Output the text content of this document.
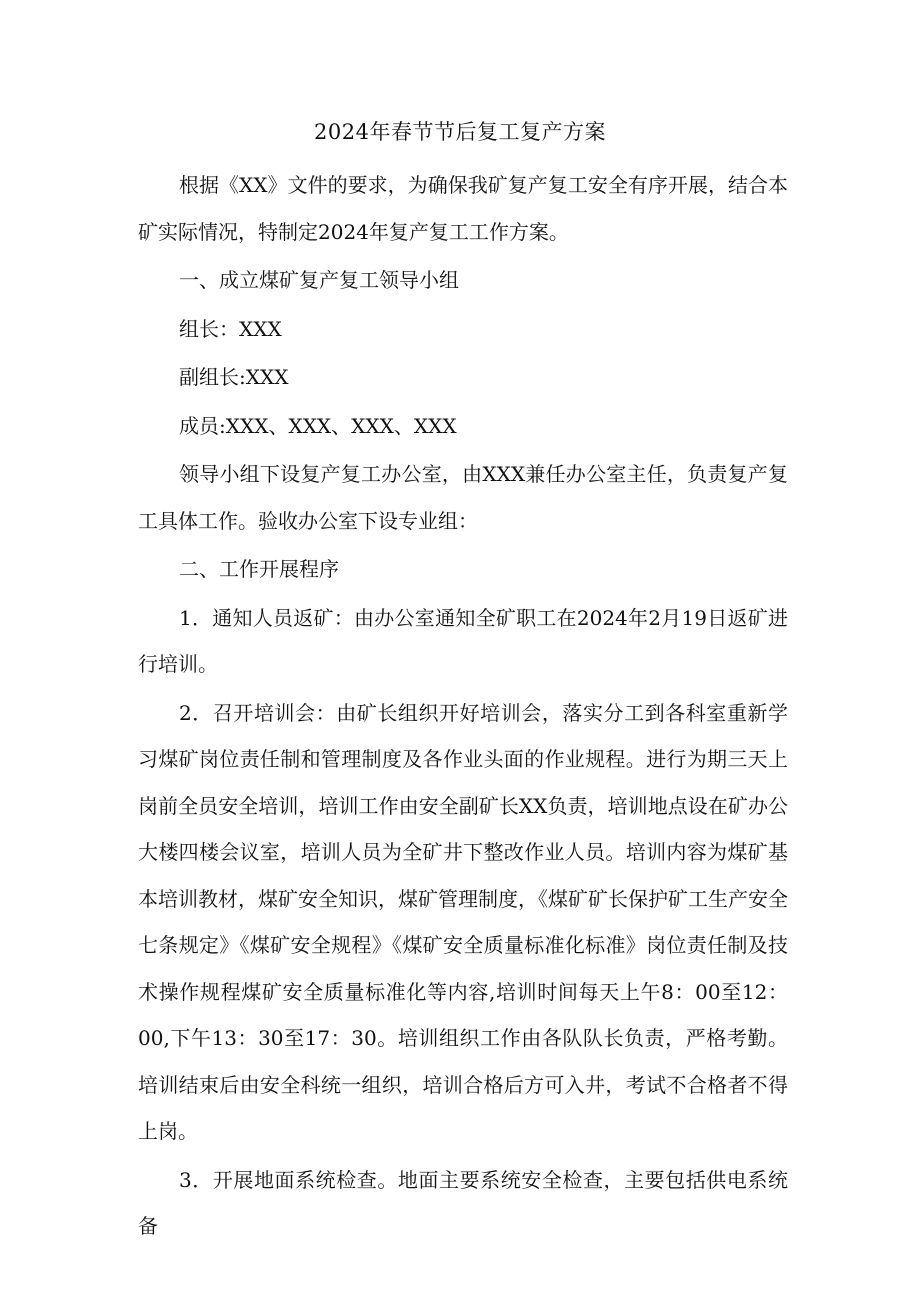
2024年春节节后复工复产方案

根据《XX》文件的要求，为确保我矿复产复工安全有序开展，结合本矿实际情况，特制定2024年复产复工工作方案。

一、成立煤矿复产复工领导小组

组长：XXX

副组长:XXX

成员:XXX、XXX、XXX、XXX

领导小组下设复产复工办公室，由XXX兼任办公室主任，负责复产复工具体工作。验收办公室下设专业组：

二、工作开展程序

1．通知人员返矿：由办公室通知全矿职工在2024年2月19日返矿进行培训。

2．召开培训会：由矿长组织开好培训会，落实分工到各科室重新学习煤矿岗位责任制和管理制度及各作业头面的作业规程。进行为期三天上岗前全员安全培训，培训工作由安全副矿长XX负责，培训地点设在矿办公大楼四楼会议室，培训人员为全矿井下整改作业人员。培训内容为煤矿基本培训教材，煤矿安全知识，煤矿管理制度，《煤矿矿长保护矿工生产安全七条规定》《煤矿安全规程》《煤矿安全质量标准化标准》岗位责任制及技术操作规程煤矿安全质量标准化等内容,培训时间每天上午8：00至12：00,下午13：30至17：30。培训组织工作由各队队长负责，严格考勤。培训结束后由安全科统一组织，培训合格后方可入井，考试不合格者不得上岗。

3．开展地面系统检查。地面主要系统安全检查，主要包括供电系统备
